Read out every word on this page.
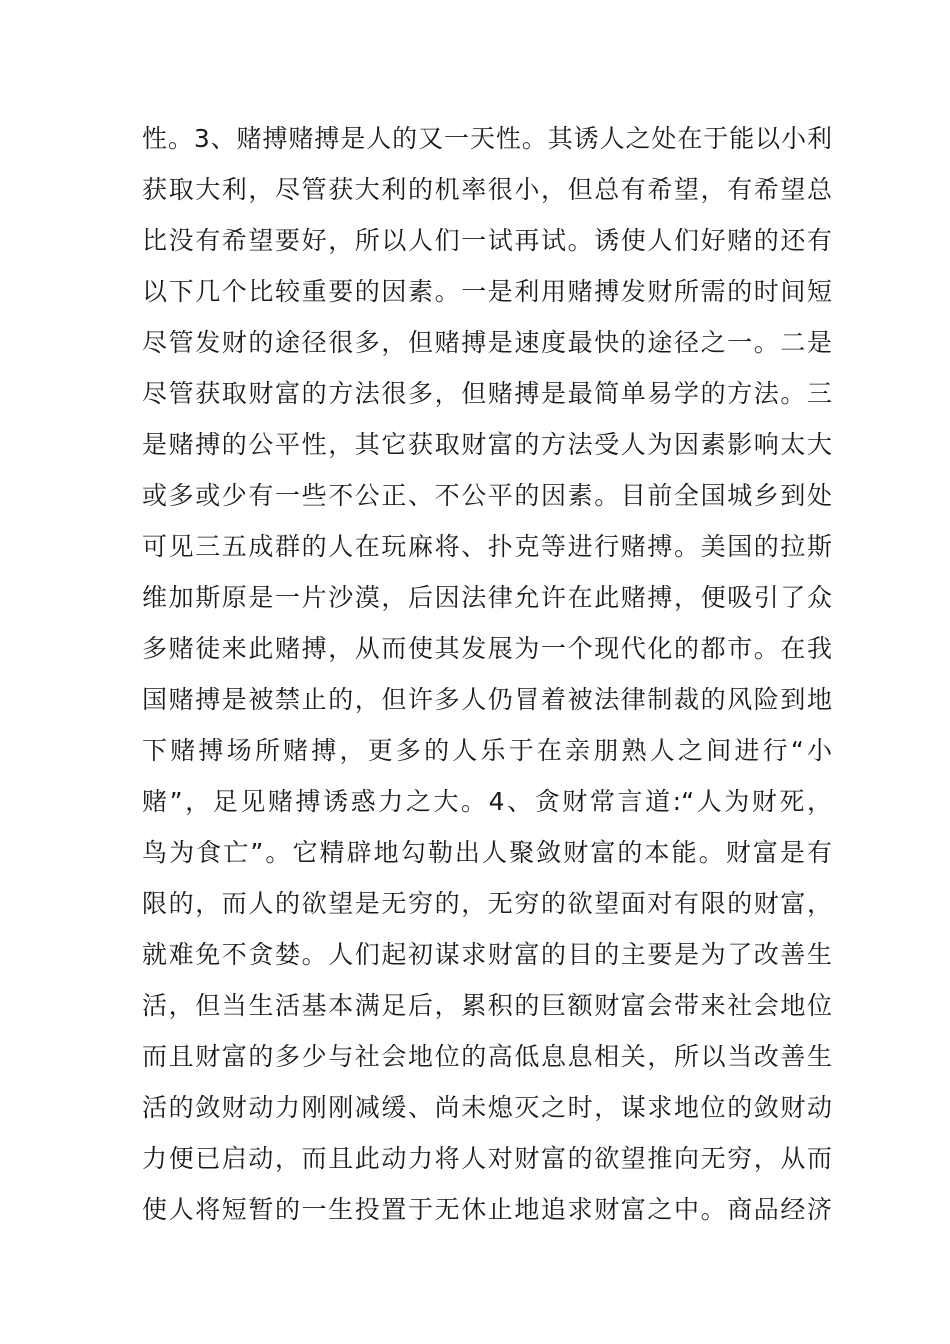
性。3、赌搏赌搏是人的又一天性。其诱人之处在于能以小利
获取大利，尽管获大利的机率很小，但总有希望，有希望总
比没有希望要好，所以人们一试再试。诱使人们好赌的还有
以下几个比较重要的因素。一是利用赌搏发财所需的时间短
尽管发财的途径很多，但赌搏是速度最快的途径之一。二是
尽管获取财富的方法很多，但赌搏是最简单易学的方法。三
是赌搏的公平性，其它获取财富的方法受人为因素影响太大
或多或少有一些不公正、不公平的因素。目前全国城乡到处
可见三五成群的人在玩麻将、扑克等进行赌搏。美国的拉斯
维加斯原是一片沙漠，后因法律允许在此赌搏，便吸引了众
多赌徒来此赌搏，从而使其发展为一个现代化的都市。在我
国赌搏是被禁止的，但许多人仍冒着被法律制裁的风险到地
下赌搏场所赌搏，更多的人乐于在亲朋熟人之间进行“小
赌”，足见赌搏诱惑力之大。4、贪财常言道:“人为财死，
鸟为食亡”。它精辟地勾勒出人聚敛财富的本能。财富是有
限的，而人的欲望是无穷的，无穷的欲望面对有限的财富，
就难免不贪婪。人们起初谋求财富的目的主要是为了改善生
活，但当生活基本满足后，累积的巨额财富会带来社会地位
而且财富的多少与社会地位的高低息息相关，所以当改善生
活的敛财动力刚刚减缓、尚未熄灭之时，谋求地位的敛财动
力便已启动，而且此动力将人对财富的欲望推向无穷，从而
使人将短暂的一生投置于无休止地追求财富之中。商品经济
